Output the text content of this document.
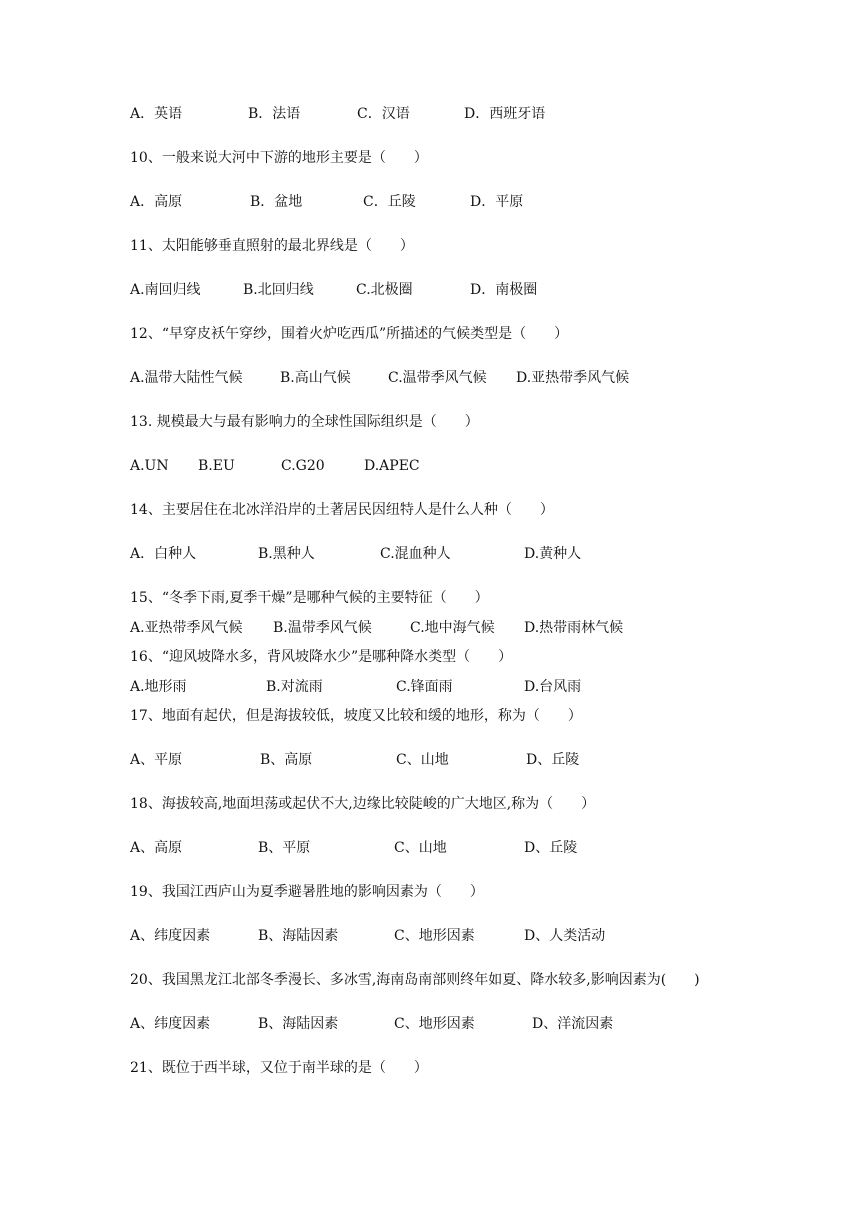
A．英语	B．法语	C．汉语	D．西班牙语
10、一般来说大河中下游的地形主要是（　　）
A．高原	B．盆地	C．丘陵	D．平原
11、太阳能够垂直照射的最北界线是（　　）
A.南回归线	B.北回归线	C.北极圈	D．南极圈
12、“早穿皮袄午穿纱，围着火炉吃西瓜”所描述的气候类型是（　　）
A.温带大陆性气候	B.高山气候	C.温带季风气候 D.亚热带季风气候
13. 规模最大与最有影响力的全球性国际组织是（　　）
A.UN B.EU	C.G20	D.APEC
14、主要居住在北冰洋沿岸的土著居民因纽特人是什么人种（　　）
A．白种人	B.黑种人	C.混血种人	D.黄种人
15、“冬季下雨,夏季干燥”是哪种气候的主要特征（　　）
A.亚热带季风气候 B.温带季风气候	C.地中海气候 D.热带雨林气候
16、“迎风坡降水多，背风坡降水少”是哪种降水类型（　　）
A.地形雨	B.对流雨	C.锋面雨	D.台风雨
17、地面有起伏，但是海拔较低，坡度又比较和缓的地形，称为（　　）
A、平原	B、高原	C、山地	D、丘陵
18、海拔较高,地面坦荡或起伏不大,边缘比较陡峻的广大地区,称为（　　）
A、高原	B、平原	C、山地	D、丘陵
19、我国江西庐山为夏季避暑胜地的影响因素为（　　）
A、纬度因素	B、海陆因素	C、地形因素	D、人类活动
20、我国黑龙江北部冬季漫长、多冰雪,海南岛南部则终年如夏、降水较多,影响因素为(　　)
A、纬度因素	B、海陆因素	C、地形因素	D、洋流因素
21、既位于西半球，又位于南半球的是（　　）
